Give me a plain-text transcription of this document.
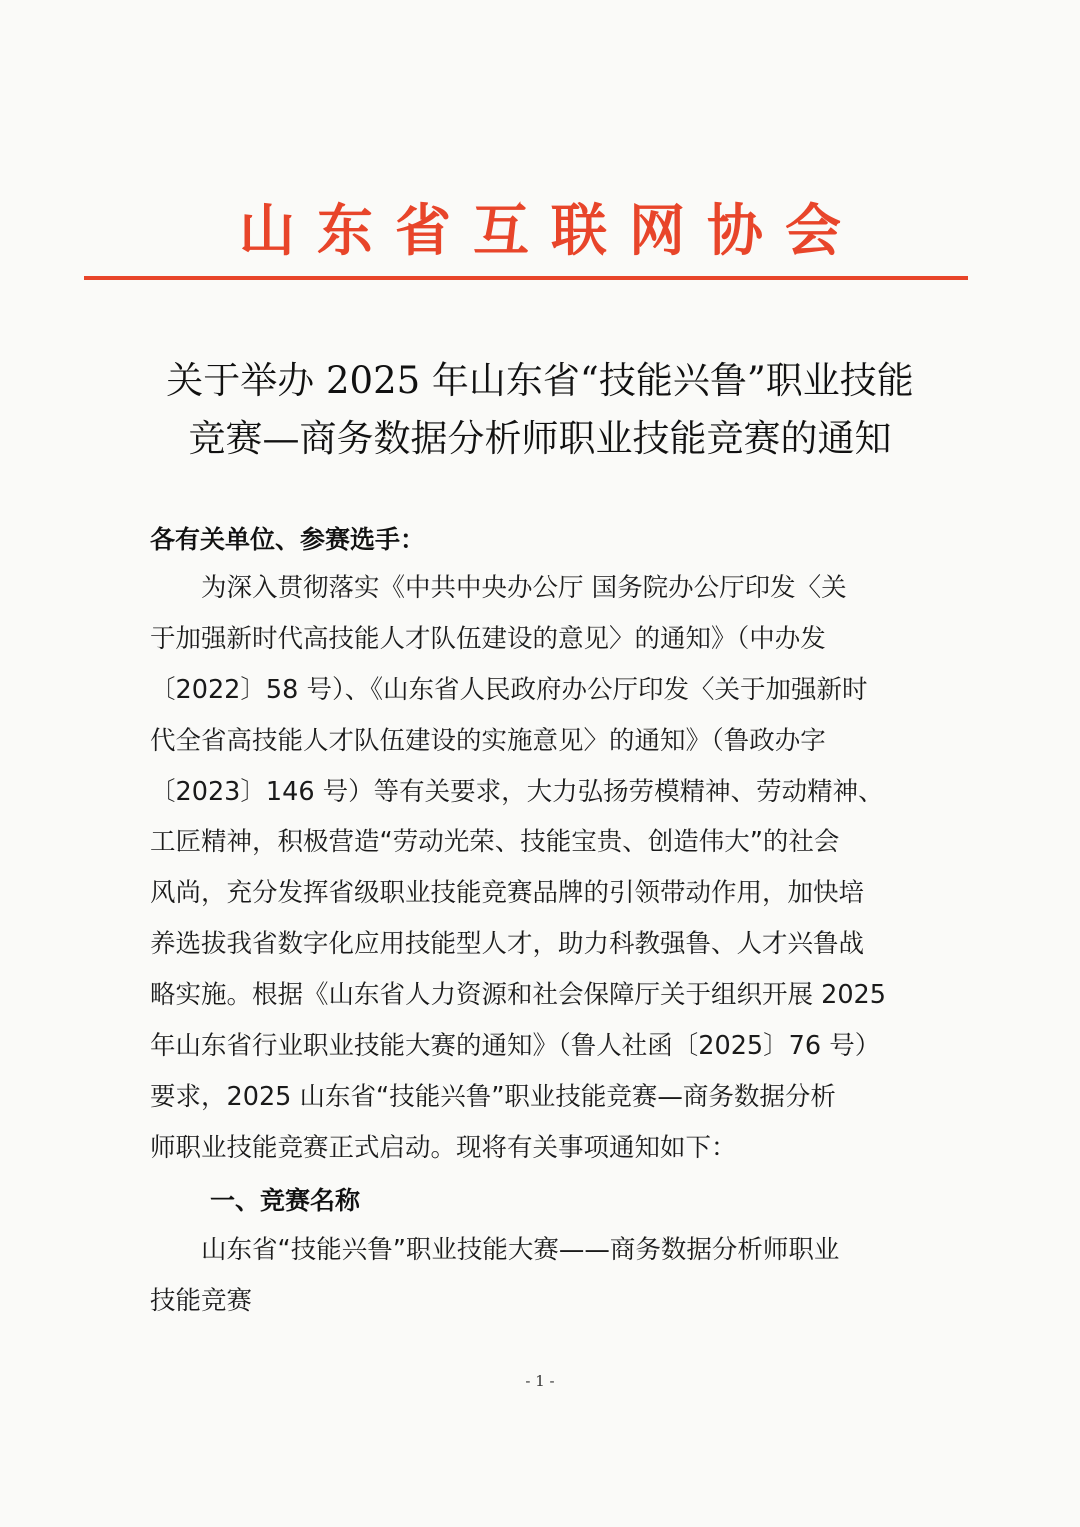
山东省互联网协会
关于举办 2025 年山东省“技能兴鲁”职业技能
竞赛—商务数据分析师职业技能竞赛的通知
各有关单位、参赛选手：
　　为深入贯彻落实《中共中央办公厅 国务院办公厅印发〈关
于加强新时代高技能人才队伍建设的意见〉的通知》（中办发
〔2022〕58 号）、《山东省人民政府办公厅印发〈关于加强新时
代全省高技能人才队伍建设的实施意见〉的通知》（鲁政办字
〔2023〕146 号）等有关要求，大力弘扬劳模精神、劳动精神、
工匠精神，积极营造“劳动光荣、技能宝贵、创造伟大”的社会
风尚，充分发挥省级职业技能竞赛品牌的引领带动作用，加快培
养选拔我省数字化应用技能型人才，助力科教强鲁、人才兴鲁战
略实施。根据《山东省人力资源和社会保障厅关于组织开展 2025
年山东省行业职业技能大赛的通知》（鲁人社函〔2025〕76 号）
要求，2025 山东省“技能兴鲁”职业技能竞赛—商务数据分析
师职业技能竞赛正式启动。现将有关事项通知如下：
一、竞赛名称
　　山东省“技能兴鲁”职业技能大赛——商务数据分析师职业
技能竞赛
- 1 -
